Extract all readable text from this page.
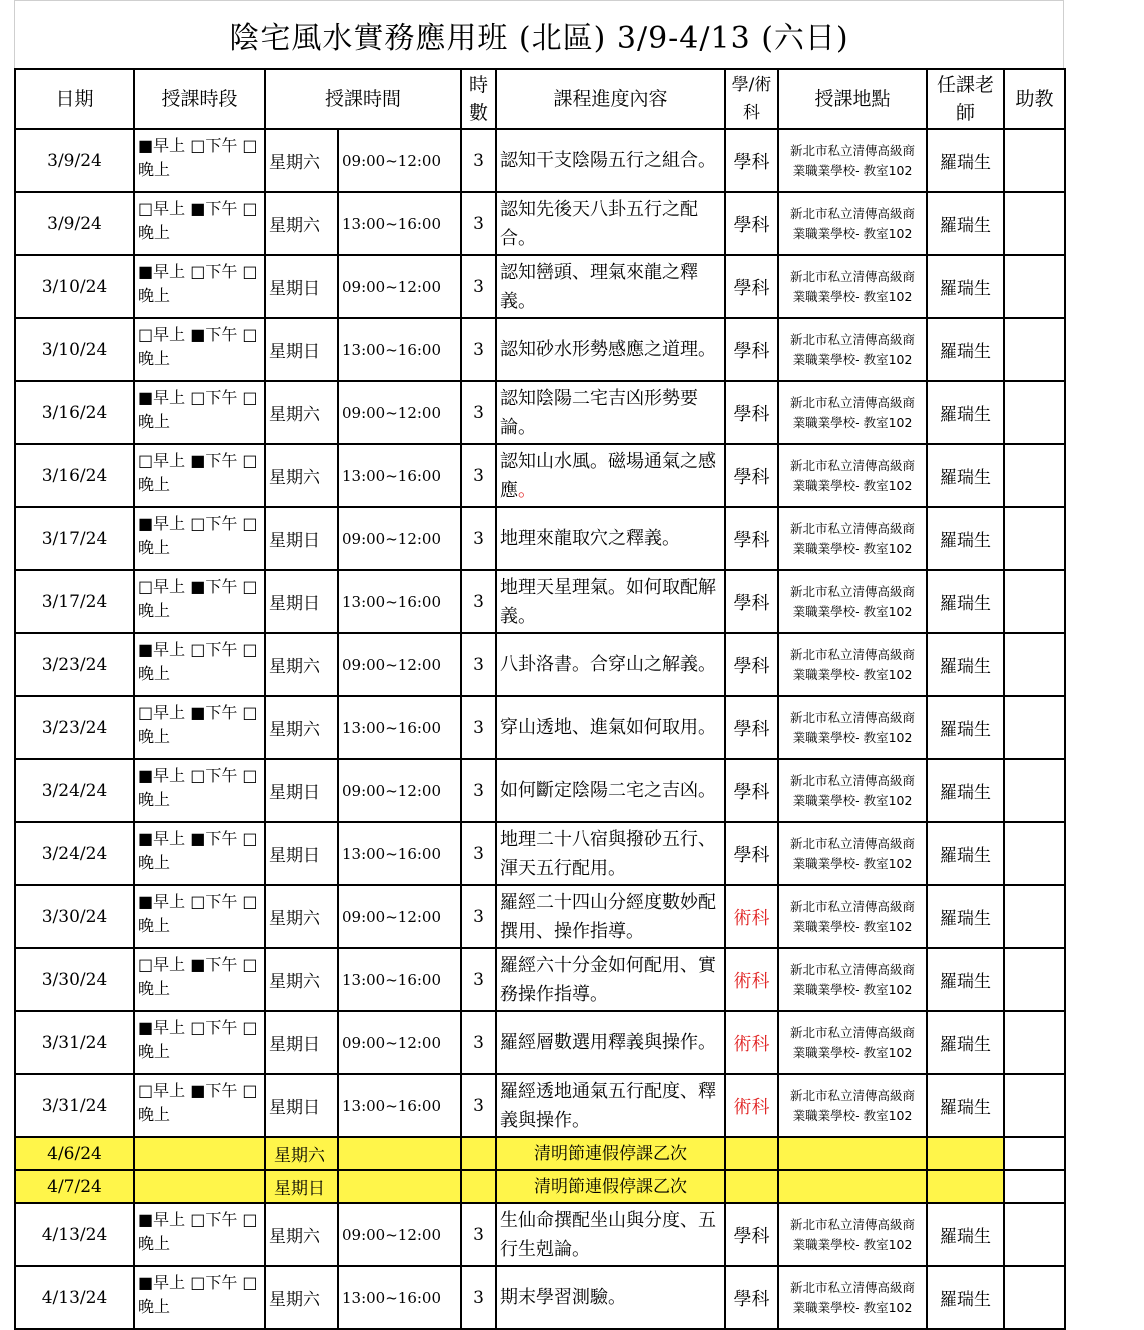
陰宅風水實務應用班 (北區) 3/9-4/13 (六日)
日期	授課時段	授課時間		時
數	課程進度內容	學/術
科	授課地點	任課老
師	助教
3/9/24	■早上 □下午 □晚上	星期六	09:00~12:00	3	認知干支陰陽五行之組合。	學科	新北市私立清傳高級商
業職業學校- 教室102	羅瑞生	
3/9/24	□早上 ■下午 □晚上	星期六	13:00~16:00	3	認知先後天八卦五行之配合。	學科	新北市私立清傳高級商
業職業學校- 教室102	羅瑞生	
3/10/24	■早上 □下午 □晚上	星期日	09:00~12:00	3	認知巒頭、理氣來龍之釋義。	學科	新北市私立清傳高級商
業職業學校- 教室102	羅瑞生	
3/10/24	□早上 ■下午 □晚上	星期日	13:00~16:00	3	認知砂水形勢感應之道理。	學科	新北市私立清傳高級商
業職業學校- 教室102	羅瑞生	
3/16/24	■早上 □下午 □晚上	星期六	09:00~12:00	3	認知陰陽二宅吉凶形勢要論。	學科	新北市私立清傳高級商
業職業學校- 教室102	羅瑞生	
3/16/24	□早上 ■下午 □晚上	星期六	13:00~16:00	3	認知山水風。磁場通氣之感應。	學科	新北市私立清傳高級商
業職業學校- 教室102	羅瑞生	
3/17/24	■早上 □下午 □晚上	星期日	09:00~12:00	3	地理來龍取穴之釋義。	學科	新北市私立清傳高級商
業職業學校- 教室102	羅瑞生	
3/17/24	□早上 ■下午 □晚上	星期日	13:00~16:00	3	地理天星理氣。如何取配解義。	學科	新北市私立清傳高級商
業職業學校- 教室102	羅瑞生	
3/23/24	■早上 □下午 □晚上	星期六	09:00~12:00	3	八卦洛書。合穿山之解義。	學科	新北市私立清傳高級商
業職業學校- 教室102	羅瑞生	
3/23/24	□早上 ■下午 □晚上	星期六	13:00~16:00	3	穿山透地、進氣如何取用。	學科	新北市私立清傳高級商
業職業學校- 教室102	羅瑞生	
3/24/24	■早上 □下午 □晚上	星期日	09:00~12:00	3	如何斷定陰陽二宅之吉凶。	學科	新北市私立清傳高級商
業職業學校- 教室102	羅瑞生	
3/24/24	■早上 ■下午 □晚上	星期日	13:00~16:00	3	地理二十八宿與撥砂五行、渾天五行配用。	學科	新北市私立清傳高級商
業職業學校- 教室102	羅瑞生	
3/30/24	■早上 □下午 □晚上	星期六	09:00~12:00	3	羅經二十四山分經度數妙配撰用、操作指導。	術科	新北市私立清傳高級商
業職業學校- 教室102	羅瑞生	
3/30/24	□早上 ■下午 □晚上	星期六	13:00~16:00	3	羅經六十分金如何配用、實務操作指導。	術科	新北市私立清傳高級商
業職業學校- 教室102	羅瑞生	
3/31/24	■早上 □下午 □晚上	星期日	09:00~12:00	3	羅經層數選用釋義與操作。	術科	新北市私立清傳高級商
業職業學校- 教室102	羅瑞生	
3/31/24	□早上 ■下午 □晚上	星期日	13:00~16:00	3	羅經透地通氣五行配度、釋義與操作。	術科	新北市私立清傳高級商
業職業學校- 教室102	羅瑞生	
4/6/24		星期六			清明節連假停課乙次				
4/7/24		星期日			清明節連假停課乙次				
4/13/24	■早上 □下午 □晚上	星期六	09:00~12:00	3	生仙命撰配坐山與分度、五行生剋論。	學科	新北市私立清傳高級商
業職業學校- 教室102	羅瑞生	
4/13/24	■早上 □下午 □晚上	星期六	13:00~16:00	3	期末學習測驗。	學科	新北市私立清傳高級商
業職業學校- 教室102	羅瑞生	
